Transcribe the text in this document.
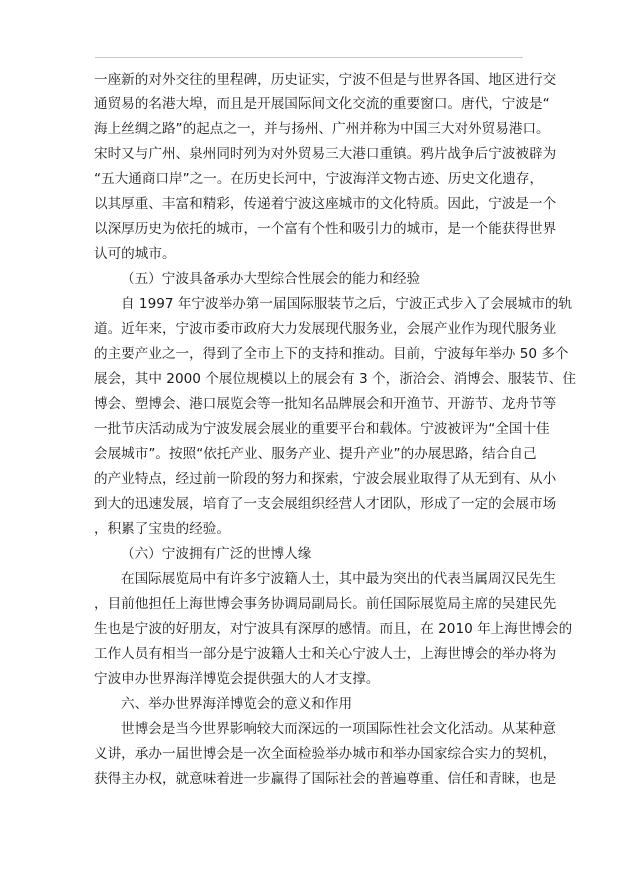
一座新的对外交往的里程碑，历史证实，宁波不但是与世界各国、地区进行交
通贸易的名港大埠，而且是开展国际间文化交流的重要窗口。唐代，宁波是“
海上丝绸之路”的起点之一，并与扬州、广州并称为中国三大对外贸易港口。
宋时又与广州、泉州同时列为对外贸易三大港口重镇。鸦片战争后宁波被辟为
“五大通商口岸”之一。在历史长河中，宁波海洋文物古迹、历史文化遗存，
以其厚重、丰富和精彩，传递着宁波这座城市的文化特质。因此，宁波是一个
以深厚历史为依托的城市，一个富有个性和吸引力的城市，是一个能获得世界
认可的城市。
（五）宁波具备承办大型综合性展会的能力和经验
自 1997 年宁波举办第一届国际服装节之后，宁波正式步入了会展城市的轨
道。近年来，宁波市委市政府大力发展现代服务业，会展产业作为现代服务业
的主要产业之一，得到了全市上下的支持和推动。目前，宁波每年举办 50 多个
展会，其中 2000 个展位规模以上的展会有 3 个，浙洽会、消博会、服装节、住
博会、塑博会、港口展览会等一批知名品牌展会和开渔节、开游节、龙舟节等
一批节庆活动成为宁波发展会展业的重要平台和载体。宁波被评为“全国十佳
会展城市”。按照“依托产业、服务产业、提升产业”的办展思路，结合自己
的产业特点，经过前一阶段的努力和探索，宁波会展业取得了从无到有、从小
到大的迅速发展，培育了一支会展组织经营人才团队，形成了一定的会展市场
，积累了宝贵的经验。
（六）宁波拥有广泛的世博人缘
在国际展览局中有许多宁波籍人士，其中最为突出的代表当属周汉民先生
，目前他担任上海世博会事务协调局副局长。前任国际展览局主席的吴建民先
生也是宁波的好朋友，对宁波具有深厚的感情。而且，在 2010 年上海世博会的
工作人员有相当一部分是宁波籍人士和关心宁波人士，上海世博会的举办将为
宁波申办世界海洋博览会提供强大的人才支撑。
六、举办世界海洋博览会的意义和作用
世博会是当今世界影响较大而深远的一项国际性社会文化活动。从某种意
义讲，承办一届世博会是一次全面检验举办城市和举办国家综合实力的契机，
获得主办权，就意味着进一步赢得了国际社会的普遍尊重、信任和青睐，也是
